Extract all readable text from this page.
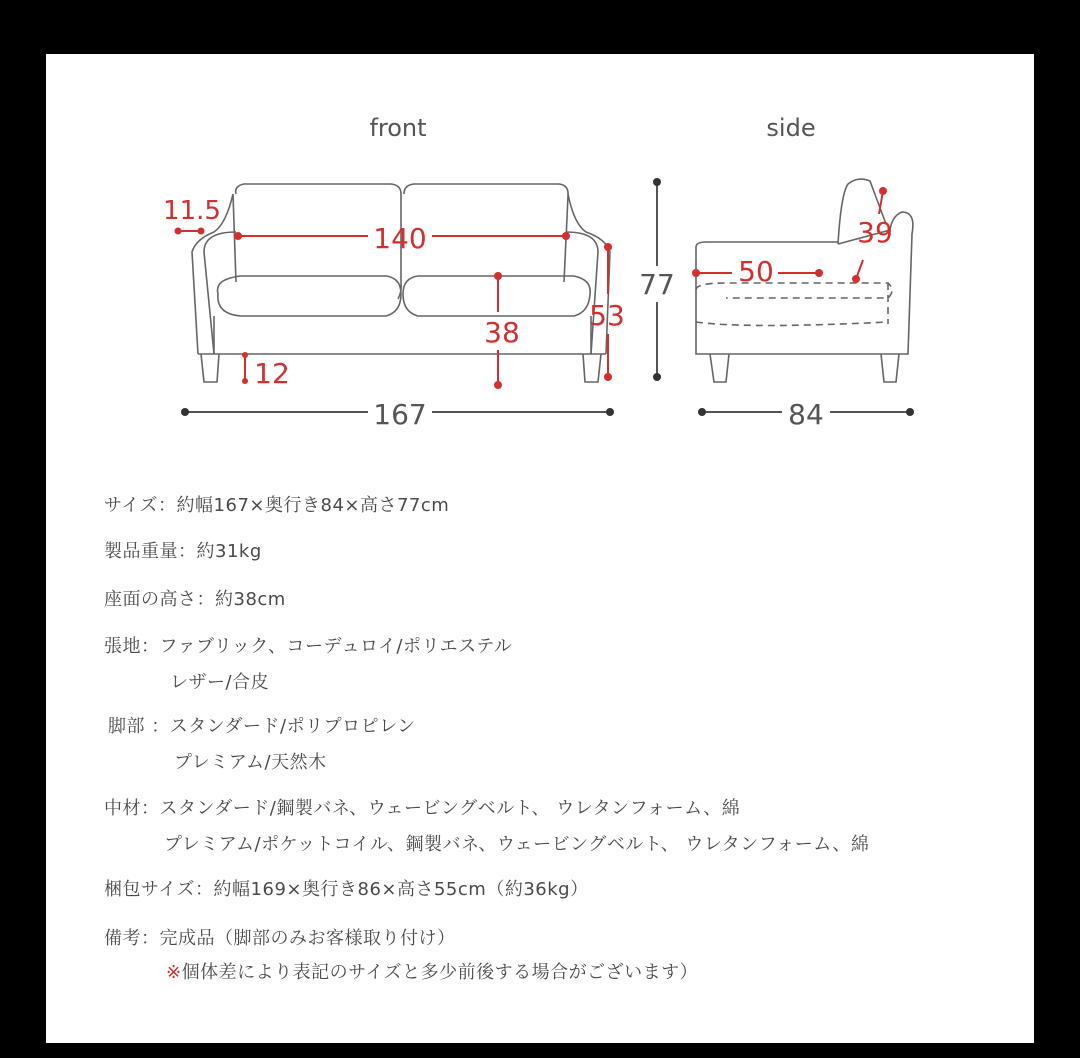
front	side
11.5
140
38
53
12
167
77 50
39
84
サイズ：約幅167×奥行き84×高さ77cm
製品重量：約31kg
座面の高さ：約38cm
張地：ファブリック、コーデュロイ/ポリエステル
レザー/合皮
脚部 ：スタンダード/ポリプロピレン
プレミアム/天然木
中材：スタンダード/鋼製バネ、ウェービングベルト、 ウレタンフォーム、綿
プレミアム/ポケットコイル、鋼製バネ、ウェービングベルト、 ウレタンフォーム、綿
梱包サイズ：約幅169×奥行き86×高さ55cm（約36kg）
備考：完成品（脚部のみお客様取り付け）
※個体差により表記のサイズと多少前後する場合がございます）
